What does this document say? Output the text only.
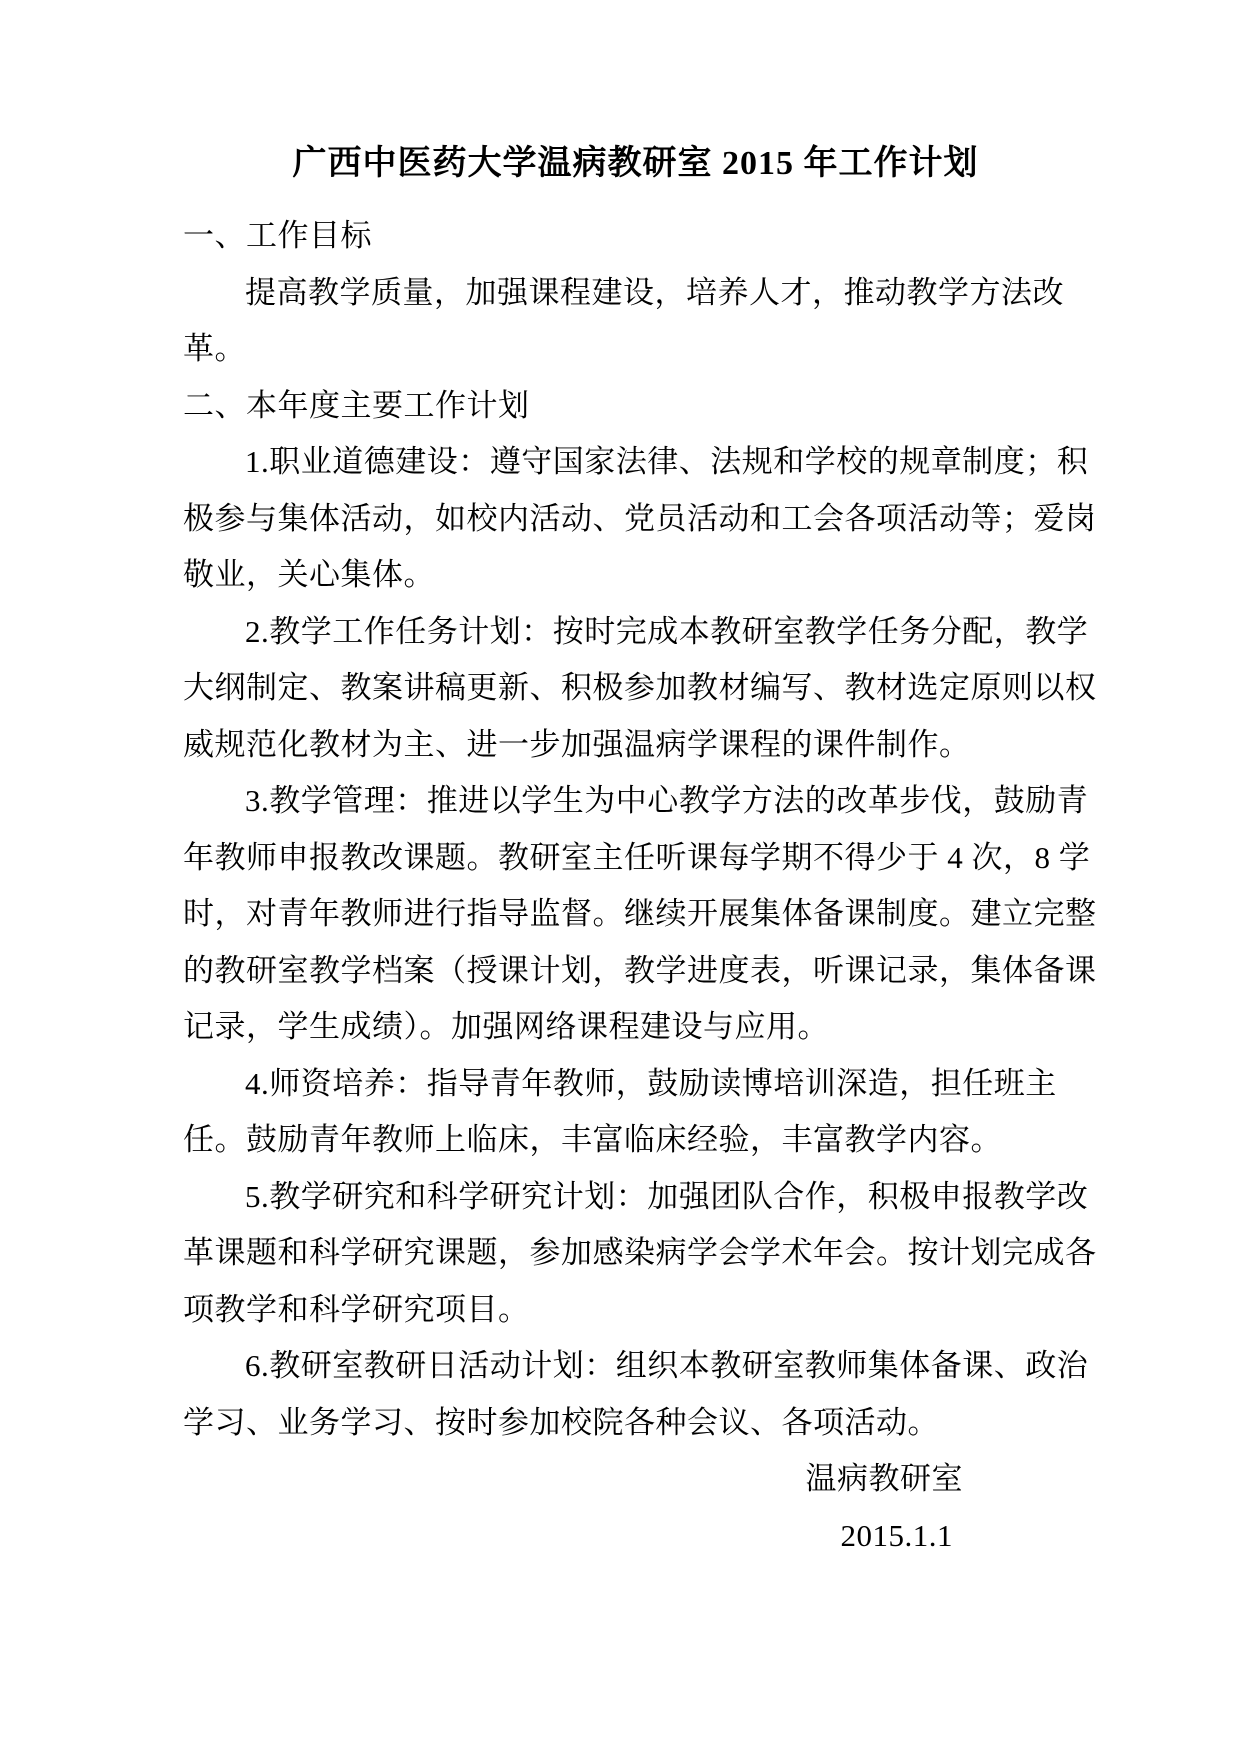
广西中医药大学温病教研室 2015 年工作计划
一、工作目标
提高教学质量，加强课程建设，培养人才，推动教学方法改
革。
二、本年度主要工作计划
1.职业道德建设：遵守国家法律、法规和学校的规章制度；积
极参与集体活动，如校内活动、党员活动和工会各项活动等；爱岗
敬业，关心集体。
2.教学工作任务计划：按时完成本教研室教学任务分配，教学
大纲制定、教案讲稿更新、积极参加教材编写、教材选定原则以权
威规范化教材为主、进一步加强温病学课程的课件制作。
3.教学管理：推进以学生为中心教学方法的改革步伐，鼓励青
年教师申报教改课题。教研室主任听课每学期不得少于 4 次，8 学
时，对青年教师进行指导监督。继续开展集体备课制度。建立完整
的教研室教学档案（授课计划，教学进度表，听课记录，集体备课
记录，学生成绩）。加强网络课程建设与应用。
4.师资培养：指导青年教师，鼓励读博培训深造，担任班主
任。鼓励青年教师上临床，丰富临床经验，丰富教学内容。
5.教学研究和科学研究计划：加强团队合作，积极申报教学改
革课题和科学研究课题，参加感染病学会学术年会。按计划完成各
项教学和科学研究项目。
6.教研室教研日活动计划：组织本教研室教师集体备课、政治
学习、业务学习、按时参加校院各种会议、各项活动。
温病教研室
2015.1.1
